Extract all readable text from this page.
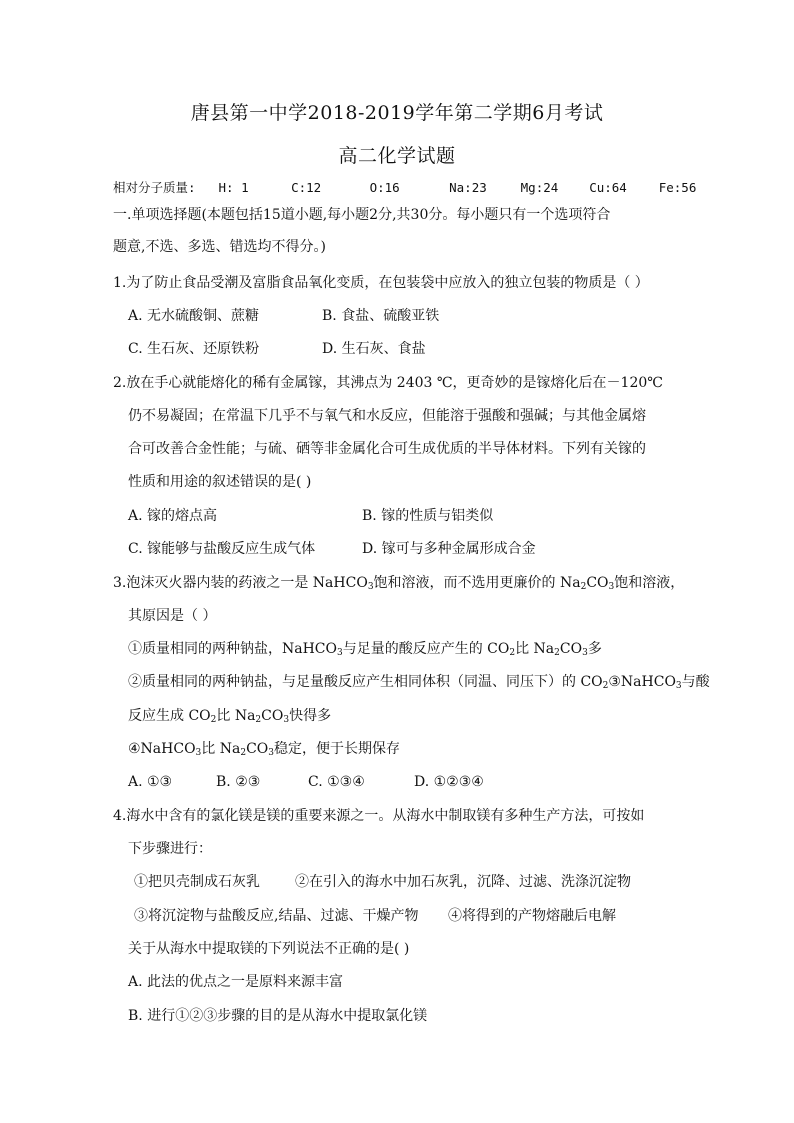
唐县第一中学2018-2019学年第二学期6月考试
高二化学试题
相对分子质量: H: 1	C:12	O:16	Na:23	Mg:24 Cu:64	Fe:56
一.单项选择题(本题包括15道小题,每小题2分,共30分。每小题只有一个选项符合
题意,不选、多选、错选均不得分。)
1.为了防止食品受潮及富脂食品氧化变质，在包装袋中应放入的独立包装的物质是（ ）
A. 无水硫酸铜、蔗糖	B. 食盐、硫酸亚铁
C. 生石灰、还原铁粉	D. 生石灰、食盐
2.放在手心就能熔化的稀有金属镓，其沸点为 2403 ℃，更奇妙的是镓熔化后在－120℃
仍不易凝固；在常温下几乎不与氧气和水反应，但能溶于强酸和强碱；与其他金属熔
合可改善合金性能；与硫、硒等非金属化合可生成优质的半导体材料。下列有关镓的
性质和用途的叙述错误的是( )
A. 镓的熔点高	B. 镓的性质与铝类似
C. 镓能够与盐酸反应生成气体	D. 镓可与多种金属形成合金
3.泡沫灭火器内装的药液之一是 NaHCO$_3$饱和溶液，而不选用更廉价的 $Na_2CO_3$饱和溶液，
其原因是（ ）
①质量相同的两种钠盐，NaHCO$_3$与足量的酸反应产生的 $CO_2$比 $Na_2CO_3$多
②质量相同的两种钠盐，与足量酸反应产生相同体积（同温、同压下）的 $CO_2③NaHCO_3$与酸
反应生成 $CO_2$比 $Na_2CO_3$快得多
④NaHCO$_3$比 $Na_2CO_3$稳定，便于长期保存
A. ①③	B. ②③	C. ①③④	D. ①②③④
4.海水中含有的氯化镁是镁的重要来源之一。从海水中制取镁有多种生产方法，可按如
下步骤进行：
①把贝壳制成石灰乳	②在引入的海水中加石灰乳，沉降、过滤、洗涤沉淀物
③将沉淀物与盐酸反应,结晶、过滤、干燥产物 ④将得到的产物熔融后电解
关于从海水中提取镁的下列说法不正确的是( )
A. 此法的优点之一是原料来源丰富
B. 进行①②③步骤的目的是从海水中提取氯化镁
